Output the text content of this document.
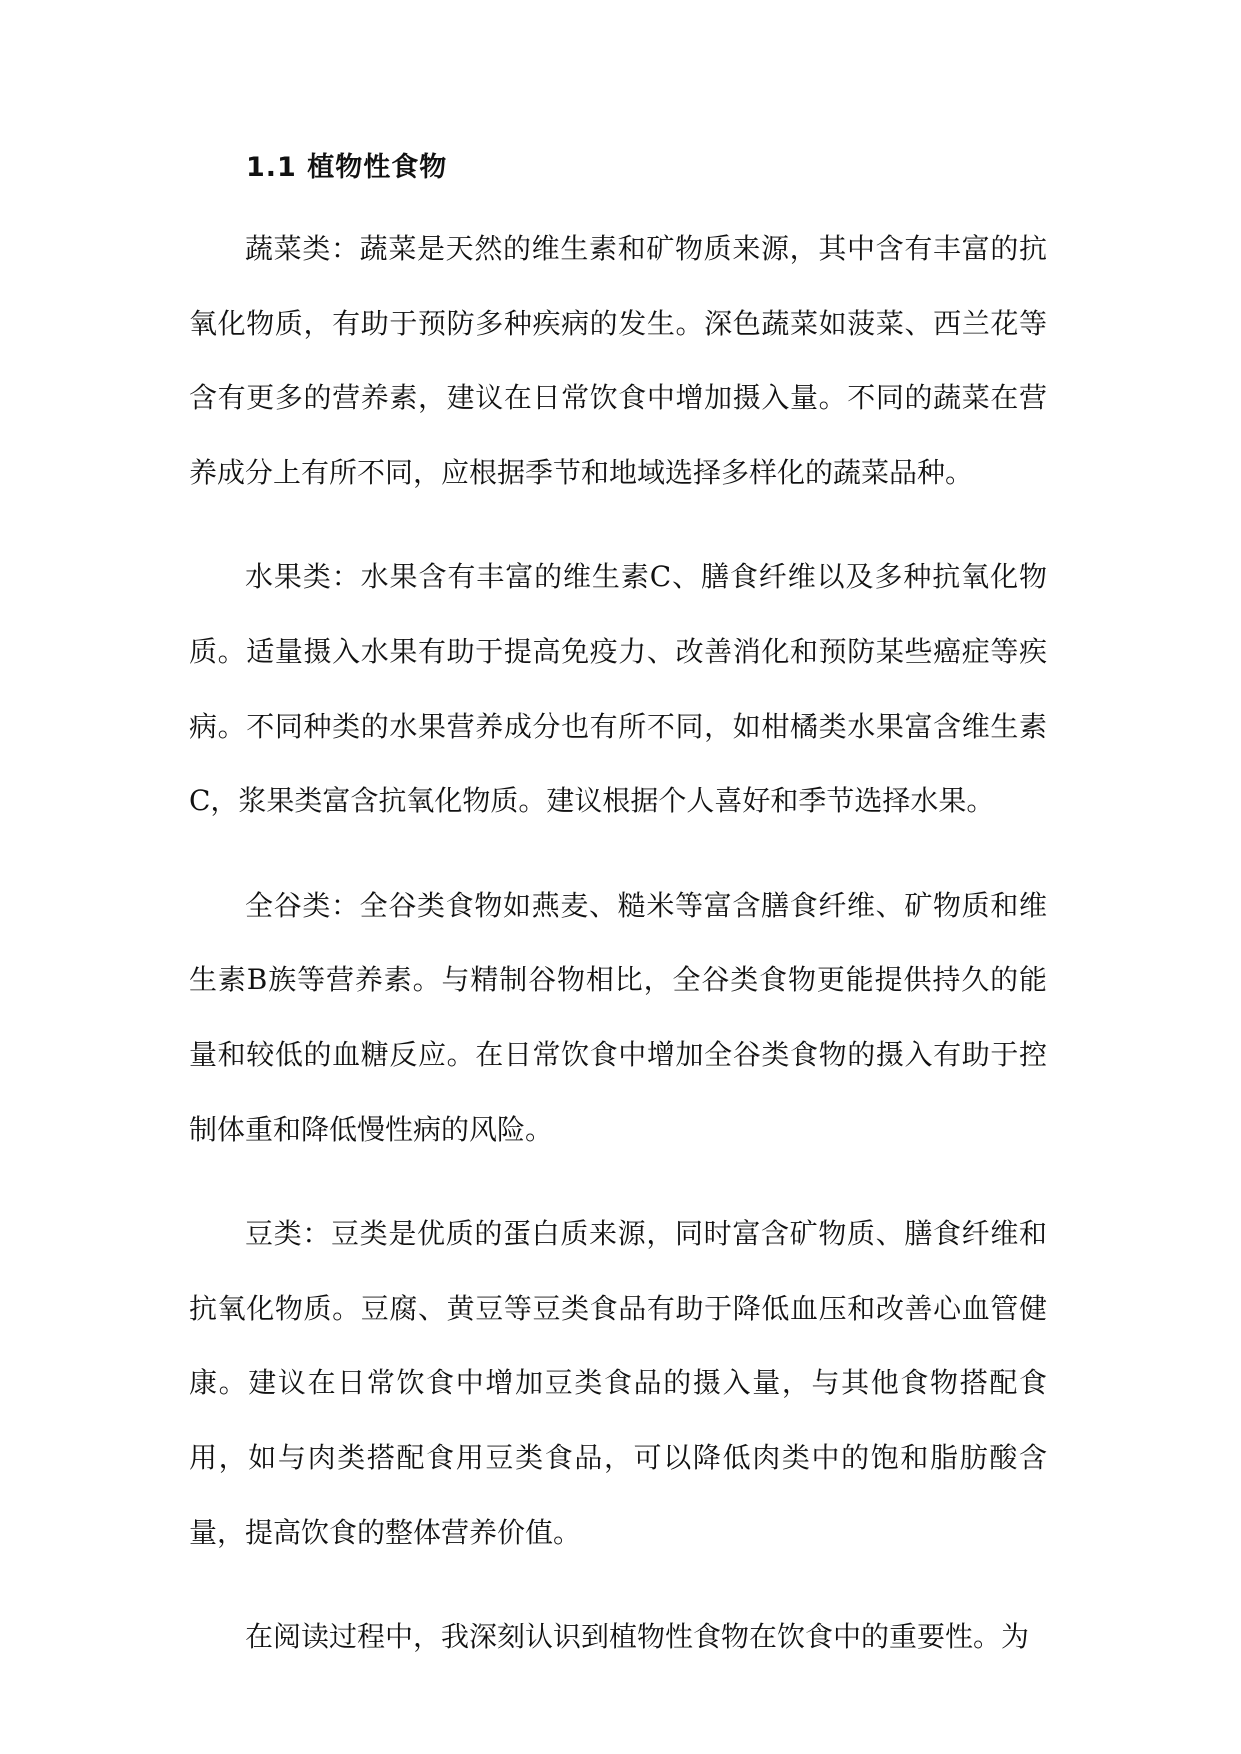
1.1 植物性食物

蔬菜类：蔬菜是天然的维生素和矿物质来源，其中含有丰富的抗氧化物质，有助于预防多种疾病的发生。深色蔬菜如菠菜、西兰花等含有更多的营养素，建议在日常饮食中增加摄入量。不同的蔬菜在营养成分上有所不同，应根据季节和地域选择多样化的蔬菜品种。

水果类：水果含有丰富的维生素C、膳食纤维以及多种抗氧化物质。适量摄入水果有助于提高免疫力、改善消化和预防某些癌症等疾病。不同种类的水果营养成分也有所不同，如柑橘类水果富含维生素C，浆果类富含抗氧化物质。建议根据个人喜好和季节选择水果。

全谷类：全谷类食物如燕麦、糙米等富含膳食纤维、矿物质和维生素B族等营养素。与精制谷物相比，全谷类食物更能提供持久的能量和较低的血糖反应。在日常饮食中增加全谷类食物的摄入有助于控制体重和降低慢性病的风险。

豆类：豆类是优质的蛋白质来源，同时富含矿物质、膳食纤维和抗氧化物质。豆腐、黄豆等豆类食品有助于降低血压和改善心血管健康。建议在日常饮食中增加豆类食品的摄入量，与其他食物搭配食用，如与肉类搭配食用豆类食品，可以降低肉类中的饱和脂肪酸含量，提高饮食的整体营养价值。

在阅读过程中，我深刻认识到植物性食物在饮食中的重要性。为
